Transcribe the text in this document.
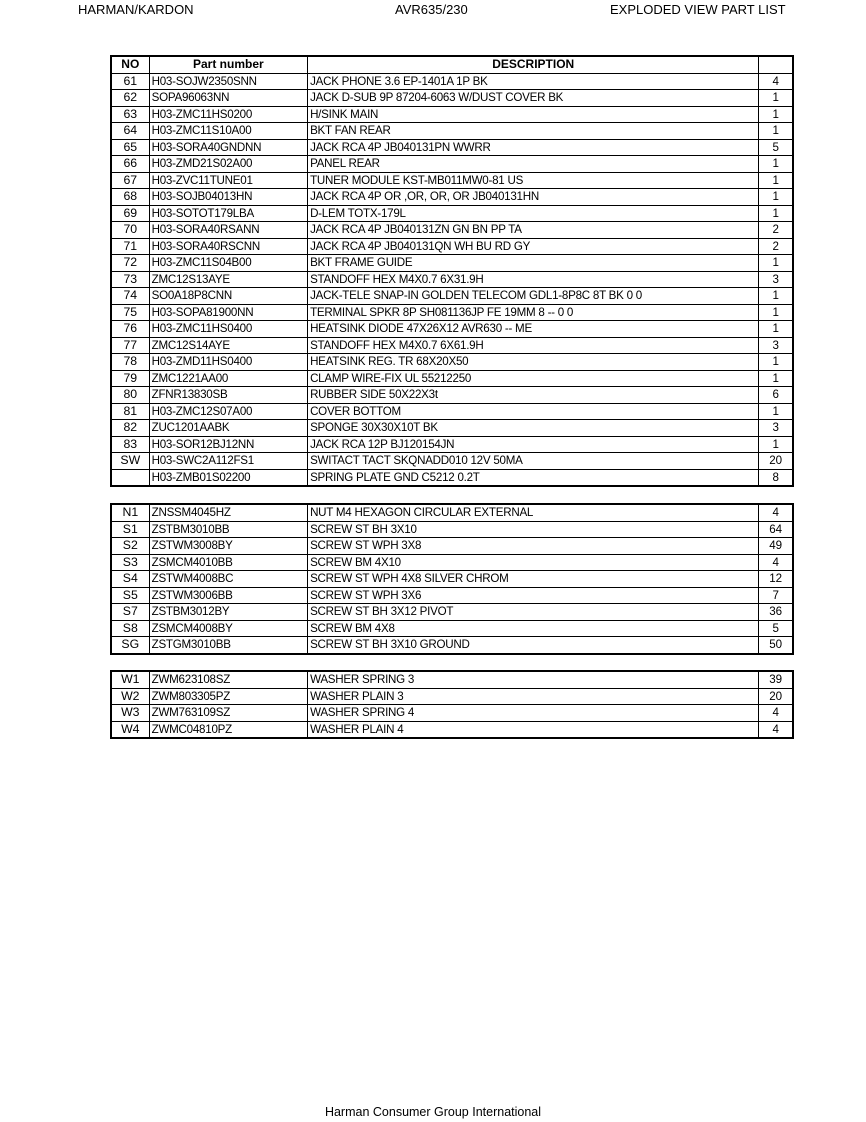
HARMAN/KARDON	AVR635/230	EXPLODED VIEW PART LIST
NO	Part number	DESCRIPTION	
61	H03-SOJW2350SNN	JACK PHONE 3.6 EP-1401A 1P BK	4
62	SOPA96063NN	JACK D-SUB 9P 87204-6063 W/DUST COVER BK	1
63	H03-ZMC11HS0200	H/SINK MAIN	1
64	H03-ZMC11S10A00	BKT FAN REAR	1
65	H03-SORA40GNDNN	JACK RCA 4P JB040131PN WWRR	5
66	H03-ZMD21S02A00	PANEL REAR	1
67	H03-ZVC11TUNE01	TUNER MODULE KST-MB011MW0-81 US	1
68	H03-SOJB04013HN	JACK RCA 4P OR ,OR, OR, OR JB040131HN	1
69	H03-SOTOT179LBA	D-LEM TOTX-179L	1
70	H03-SORA40RSANN	JACK RCA 4P JB040131ZN GN BN PP TA	2
71	H03-SORA40RSCNN	JACK RCA 4P JB040131QN WH BU RD GY	2
72	H03-ZMC11S04B00	BKT FRAME GUIDE	1
73	ZMC12S13AYE	STANDOFF HEX M4X0.7 6X31.9H	3
74	SO0A18P8CNN	JACK-TELE SNAP-IN GOLDEN TELECOM GDL1-8P8C 8T BK 0 0	1
75	H03-SOPA81900NN	TERMINAL SPKR 8P SH081136JP FE 19MM 8 -- 0 0	1
76	H03-ZMC11HS0400	HEATSINK DIODE 47X26X12 AVR630 -- ME	1
77	ZMC12S14AYE	STANDOFF HEX M4X0.7 6X61.9H	3
78	H03-ZMD11HS0400	HEATSINK REG. TR 68X20X50	1
79	ZMC1221AA00	CLAMP WIRE-FIX UL 55212250	1
80	ZFNR13830SB	RUBBER SIDE 50X22X3t	6
81	H03-ZMC12S07A00	COVER BOTTOM	1
82	ZUC1201AABK	SPONGE 30X30X10T BK	3
83	H03-SOR12BJ12NN	JACK RCA 12P BJ120154JN	1
SW	H03-SWC2A112FS1	SWITACT TACT SKQNADD010 12V 50MA	20
	H03-ZMB01S02200	SPRING PLATE GND C5212 0.2T	8
N1	ZNSSM4045HZ	NUT M4 HEXAGON CIRCULAR EXTERNAL	4
S1	ZSTBM3010BB	SCREW ST BH 3X10	64
S2	ZSTWM3008BY	SCREW ST WPH 3X8	49
S3	ZSMCM4010BB	SCREW BM 4X10	4
S4	ZSTWM4008BC	SCREW ST WPH 4X8 SILVER CHROM	12
S5	ZSTWM3006BB	SCREW ST WPH 3X6	7
S7	ZSTBM3012BY	SCREW ST BH 3X12 PIVOT	36
S8	ZSMCM4008BY	SCREW BM 4X8	5
SG	ZSTGM3010BB	SCREW ST BH 3X10 GROUND	50
W1	ZWM623108SZ	WASHER SPRING 3	39
W2	ZWM803305PZ	WASHER PLAIN 3	20
W3	ZWM763109SZ	WASHER SPRING 4	4
W4	ZWMC04810PZ	WASHER PLAIN 4	4
Harman Consumer Group International
